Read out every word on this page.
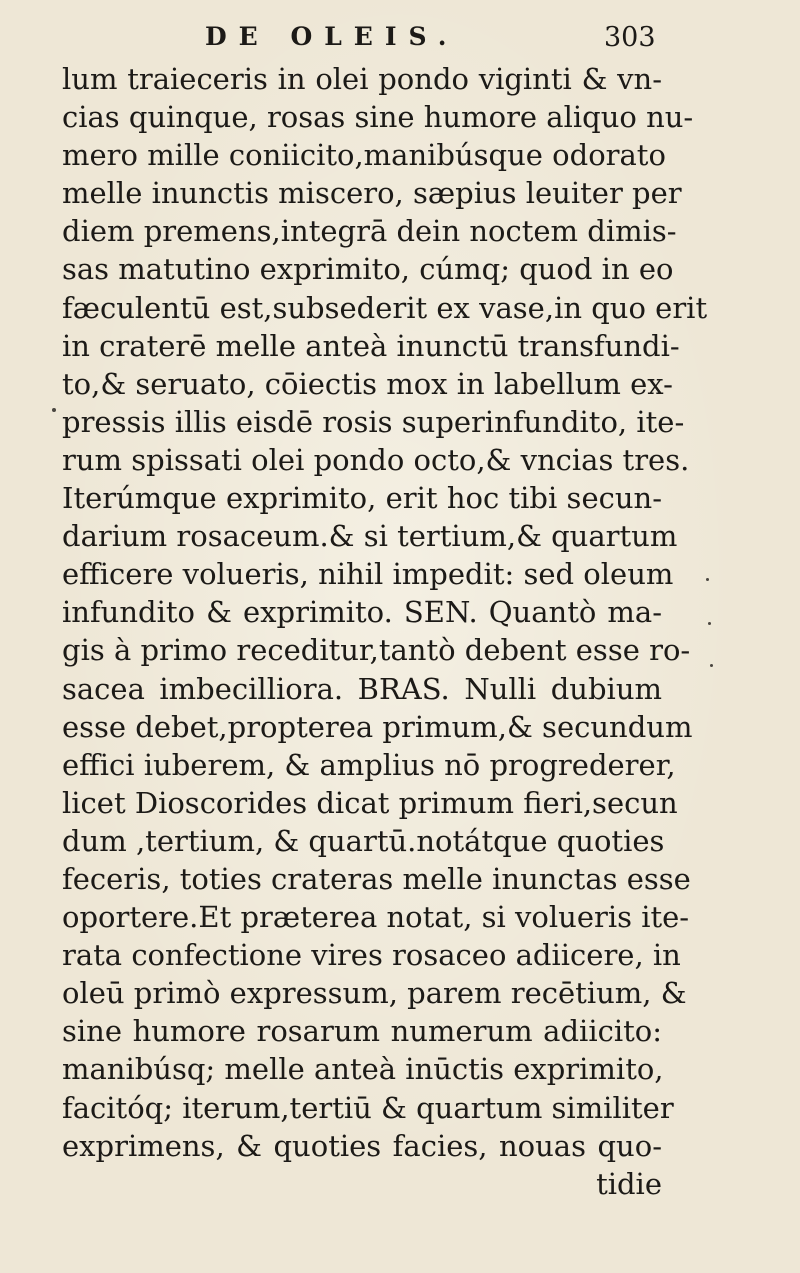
DE OLEIS.	303
lum traieceris in olei pondo viginti & vn-
cias quinque, rosas sine humore aliquo nu-
mero mille coniicito,manibúsque odorato
melle inunctis miscero, sæpius leuiter per
diem premens,integrā dein noctem dimis-
sas matutino exprimito, cúmq; quod in eo
fæculentū est,subsederit ex vase,in quo erit
in craterē melle anteà inunctū transfundi-
to,& seruato, cōiectis mox in labellum ex-
pressis illis eisdē rosis superinfundito, ite-
rum spissati olei pondo octo,& vncias tres.
Iterúmque exprimito, erit hoc tibi secun-
darium rosaceum.& si tertium,& quartum
efficere volueris, nihil impedit: sed oleum
infundito & exprimito. SEN. Quantò ma-
gis à primo receditur,tantò debent esse ro-
sacea imbecilliora. BRAS. Nulli dubium
esse debet,propterea primum,& secundum
effici iuberem, & amplius nō progrederer,
licet Dioscorides dicat primum fieri,secun
dum ,tertium, & quartū.notátque quoties
feceris, toties crateras melle inunctas esse
oportere.Et præterea notat, si volueris ite-
rata confectione vires rosaceo adiicere, in
oleū primò expressum, parem recētium, &
sine humore rosarum numerum adiicito:
manibúsq; melle anteà inūctis exprimito,
facitóq; iterum,tertiū & quartum similiter
exprimens, & quoties facies, nouas quo-
tidie
